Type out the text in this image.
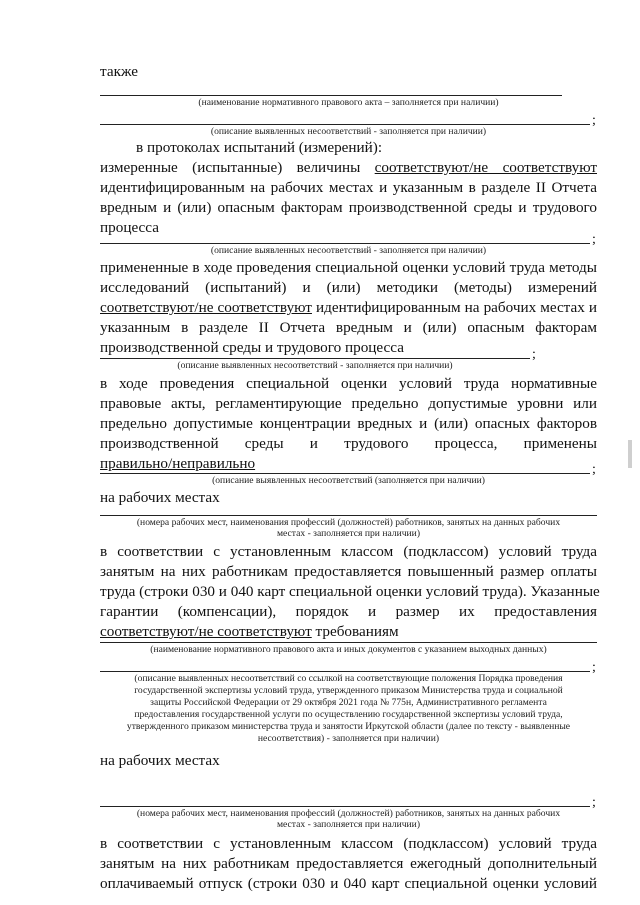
также
(наименование нормативного правового акта – заполняется при наличии)
;
(описание выявленных несоответствий - заполняется при наличии)
в протоколах испытаний (измерений):
измеренные (испытанные) величины соответствуют/не соответствуют
идентифицированным на рабочих местах и указанным в разделе II Отчета
вредным и (или) опасным факторам производственной среды и трудового
процесса
;
(описание выявленных несоответствий - заполняется при наличии)
примененные в ходе проведения специальной оценки условий труда методы
исследований (испытаний) и (или) методики (методы) измерений
соответствуют/не соответствуют идентифицированным на рабочих местах и
указанным в разделе II Отчета вредным и (или) опасным факторам
производственной среды и трудового процесса	;
(описание выявленных несоответствий - заполняется при наличии)
в ходе проведения специальной оценки условий труда нормативные
правовые акты, регламентирующие предельно допустимые уровни или
предельно допустимые концентрации вредных и (или) опасных факторов
производственной среды и трудового процесса, применены
правильно/неправильно	;
(описание выявленных несоответствий (заполняется при наличии)
на рабочих местах
(номера рабочих мест, наименования профессий (должностей) работников, занятых на данных рабочих
местах - заполняется при наличии)
в соответствии с установленным классом (подклассом) условий труда
занятым на них работникам предоставляется повышенный размер оплаты
труда (строки 030 и 040 карт специальной оценки условий труда). Указанные
гарантии (компенсации), порядок и размер их предоставления
соответствуют/не соответствуют требованиям
(наименование нормативного правового акта и иных документов с указанием выходных данных)
;
(описание выявленных несоответствий со ссылкой на соответствующие положения Порядка проведения
государственной экспертизы условий труда, утвержденного приказом Министерства труда и социальной
защиты Российской Федерации от 29 октября 2021 года № 775н, Административного регламента
предоставления государственной услуги по осуществлению государственной экспертизы условий труда,
утвержденного приказом министерства труда и занятости Иркутской области (далее по тексту - выявленные
несоответствия) - заполняется при наличии)
на рабочих местах
;
(номера рабочих мест, наименования профессий (должностей) работников, занятых на данных рабочих
местах - заполняется при наличии)
в соответствии с установленным классом (подклассом) условий труда
занятым на них работникам предоставляется ежегодный дополнительный
оплачиваемый отпуск (строки 030 и 040 карт специальной оценки условий
